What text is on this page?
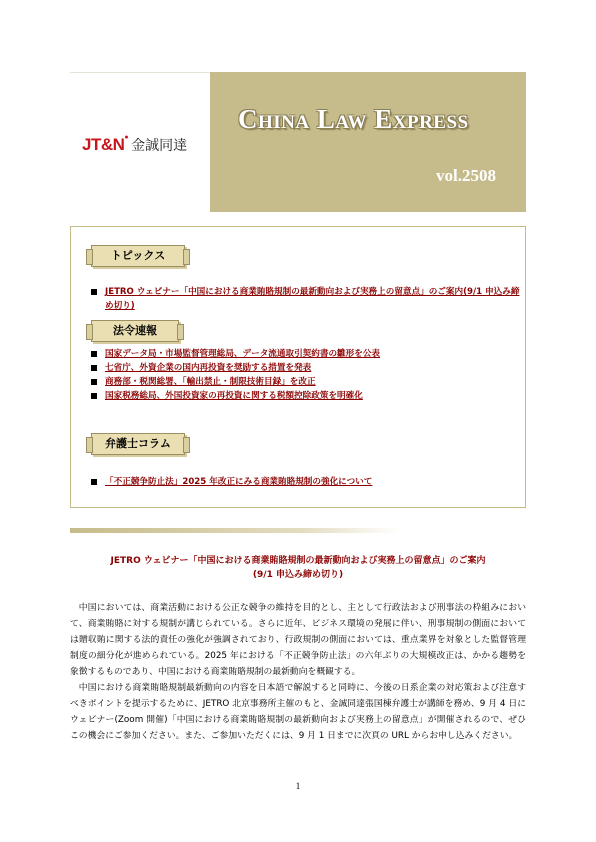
JT&N●
金誠同達
China Law Express
vol.2508
トピックス
JETRO ウェビナー「中国における商業賄賂規制の最新動向および実務上の留意点」のご案内(9/1 申込み締め切り)
法令速報
国家データ局・市場監督管理総局、データ流通取引契約書の雛形を公表
七省庁、外資企業の国内再投資を奨励する措置を発表
商務部・税関総署、「輸出禁止・制限技術目録」を改正
国家税務総局、外国投資家の再投資に関する税額控除政策を明確化
弁護士コラム
「不正競争防止法」2025 年改正にみる商業賄賂規制の強化について
JETRO ウェビナー「中国における商業賄賂規制の最新動向および実務上の留意点」のご案内
(9/1 申込み締め切り)

中国においては、商業活動における公正な競争の維持を目的とし、主として行政法および刑事法の枠組みにおいて、商業賄賂に対する規制が講じられている。さらに近年、ビジネス環境の発展に伴い、刑事規制の側面においては贈収賄に関する法的責任の強化が強調されており、行政規制の側面においては、重点業界を対象とした監督管理制度の細分化が進められている。2025 年における「不正競争防止法」の六年ぶりの大規模改正は、かかる趨勢を象徴するものであり、中国における商業賄賂規制の最新動向を概観する。

中国における商業賄賂規制最新動向の内容を日本語で解説すると同時に、今後の日系企業の対応策および注意すべきポイントを提示するために、JETRO 北京事務所主催のもと、金誠同達張国棟弁護士が講師を務め、9 月 4 日にウェビナー(Zoom 開催)「中国における商業賄賂規制の最新動向および実務上の留意点」が開催されるので、ぜひこの機会にご参加ください。また、ご参加いただくには、9 月 1 日までに次頁の URL からお申し込みください。

1
